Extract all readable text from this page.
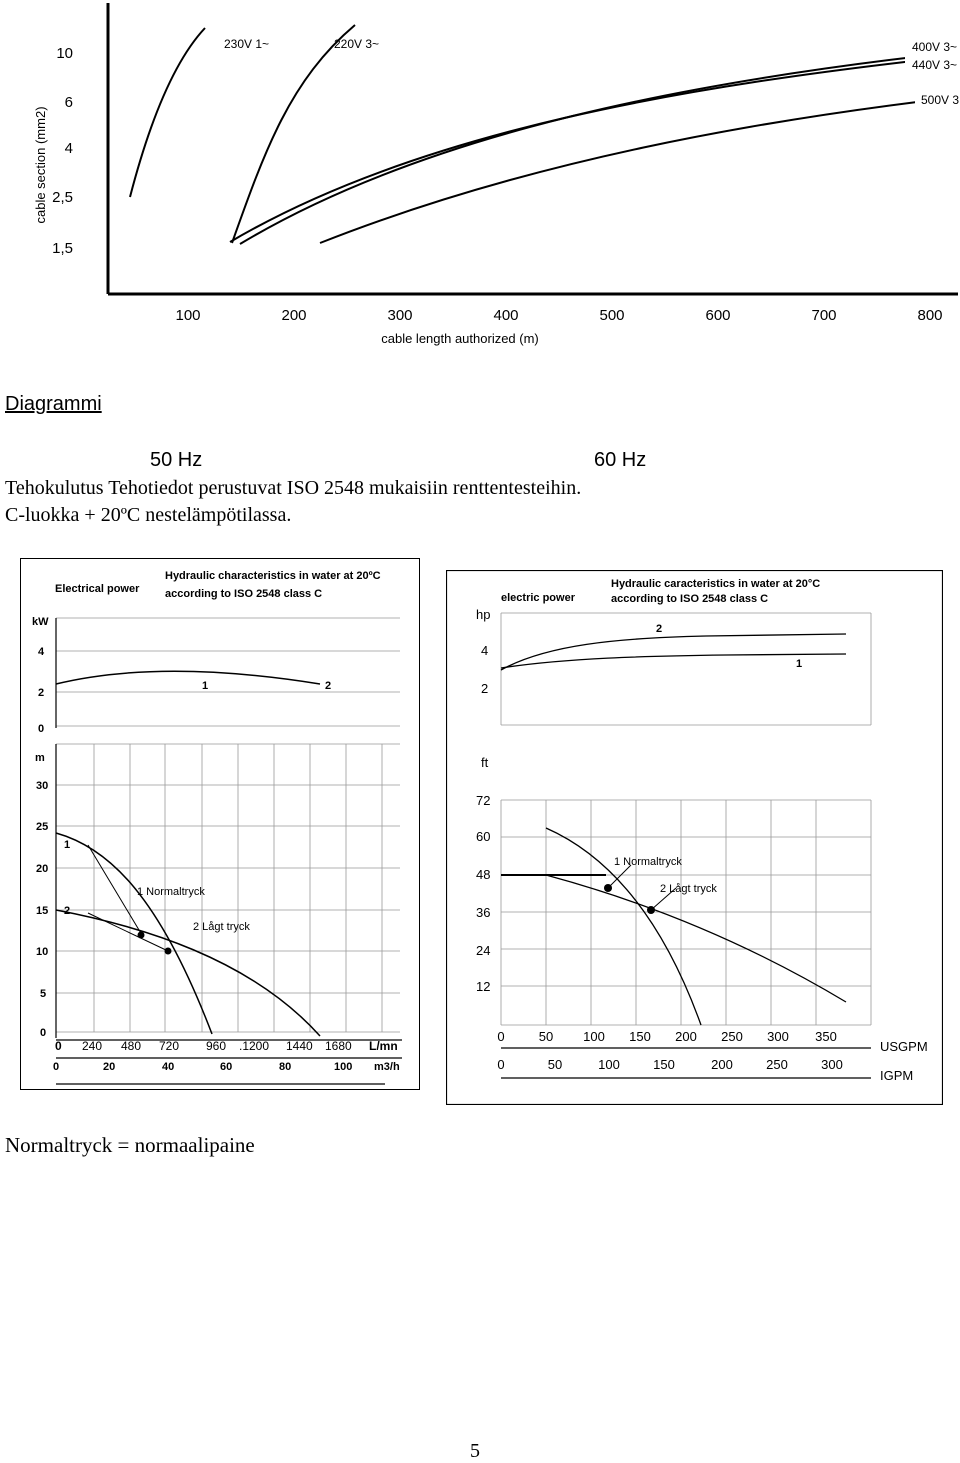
cable section (mm2)
10
6
4
2,5
1,5
100	200	300	400	500	600	700	800
cable length authorized (m)
230V 1~	220V 3~	400V 3~
440V 3~
500V 3
Diagrammi
50 Hz	60 Hz
Tehokulutus Tehotiedot perustuvat ISO 2548 mukaisiin renttentesteihin.
C-luokka + 20ºC nestelämpötilassa.
Electrical power
Hydraulic characteristics in water at 20ºC
according to ISO 2548 class C
kW
4
2
0
1	2
m
30
25
20
15
10
5
0
1
2
1 Normaltryck
2 Lågt tryck
0 240 480 720 960 .1200 1440 1680 L/mn
0	20	40	60	80	100 m3/h
electric power
Hydraulic caracteristics in water at 20°C
according to ISO 2548 class C
hp
4
2
2
1
ft
72
60
48
36
24
12
1 Normaltryck
2 Lågt tryck
0	50 100 150 200 250 300 350
USGPM
0	50	100	150	200	250	300
IGPM
Normaltryck = normaalipaine
5
